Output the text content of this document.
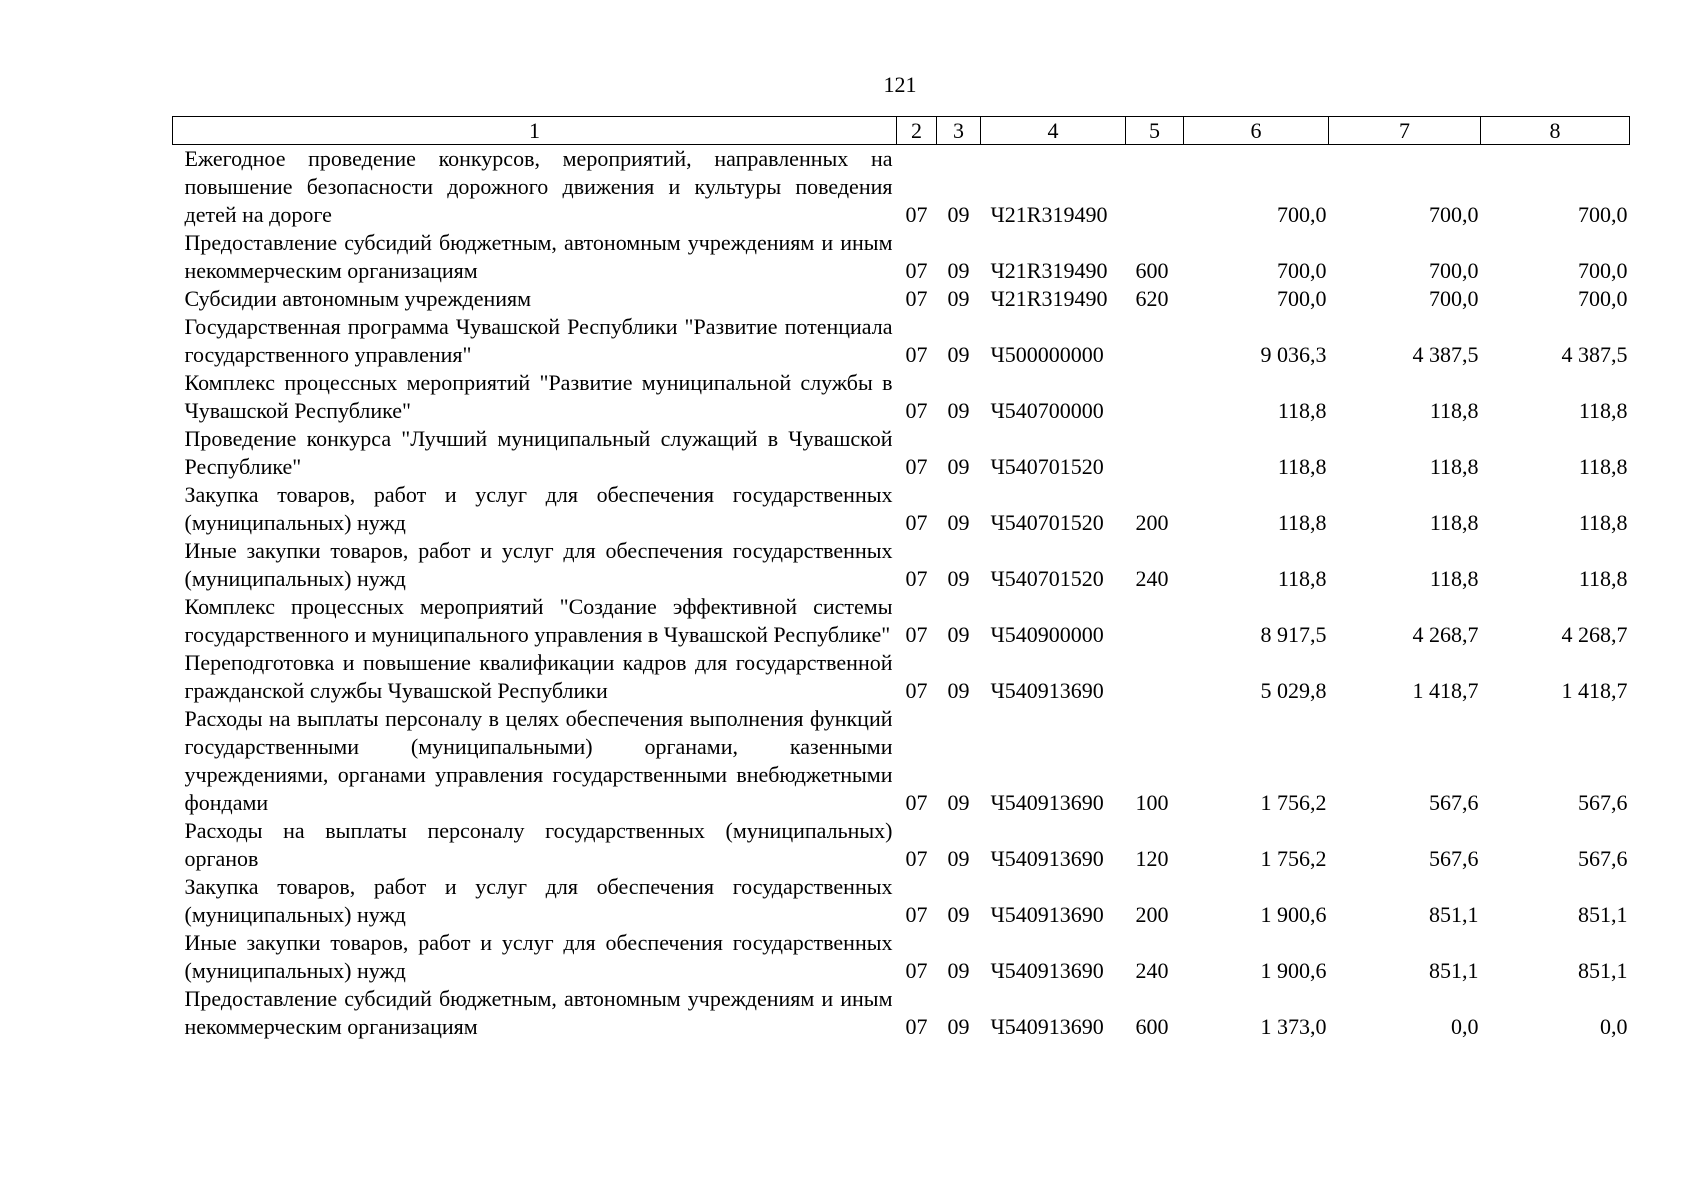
121
1	2	3	4	5	6	7	8
Ежегодное проведение конкурсов, мероприятий, направленных на повышение безопасности дорожного движения и культуры поведения детей на дороге	07	09	Ч21R319490		700,0	700,0	700,0
Предоставление субсидий бюджетным, автономным учреждениям и иным некоммерческим организациям	07	09	Ч21R319490	600	700,0	700,0	700,0
Субсидии автономным учреждениям	07	09	Ч21R319490	620	700,0	700,0	700,0
Государственная программа Чувашской Республики "Развитие потенциала государственного управления"	07	09	Ч500000000		9 036,3	4 387,5	4 387,5
Комплекс процессных мероприятий "Развитие муниципальной службы в Чувашской Республике"	07	09	Ч540700000		118,8	118,8	118,8
Проведение конкурса "Лучший муниципальный служащий в Чувашской Республике"	07	09	Ч540701520		118,8	118,8	118,8
Закупка товаров, работ и услуг для обеспечения государственных (муниципальных) нужд	07	09	Ч540701520	200	118,8	118,8	118,8
Иные закупки товаров, работ и услуг для обеспечения государственных (муниципальных) нужд	07	09	Ч540701520	240	118,8	118,8	118,8
Комплекс процессных мероприятий "Создание эффективной системы государственного и муниципального управления в Чувашской Республике"	07	09	Ч540900000		8 917,5	4 268,7	4 268,7
Переподготовка и повышение квалификации кадров для государственной гражданской службы Чувашской Республики	07	09	Ч540913690		5 029,8	1 418,7	1 418,7
Расходы на выплаты персоналу в целях обеспечения выполнения функций государственными (муниципальными) органами, казенными учреждениями, органами управления государственными внебюджетными фондами	07	09	Ч540913690	100	1 756,2	567,6	567,6
Расходы на выплаты персоналу государственных (муниципальных) органов	07	09	Ч540913690	120	1 756,2	567,6	567,6
Закупка товаров, работ и услуг для обеспечения государственных (муниципальных) нужд	07	09	Ч540913690	200	1 900,6	851,1	851,1
Иные закупки товаров, работ и услуг для обеспечения государственных (муниципальных) нужд	07	09	Ч540913690	240	1 900,6	851,1	851,1
Предоставление субсидий бюджетным, автономным учреждениям и иным некоммерческим организациям	07	09	Ч540913690	600	1 373,0	0,0	0,0
